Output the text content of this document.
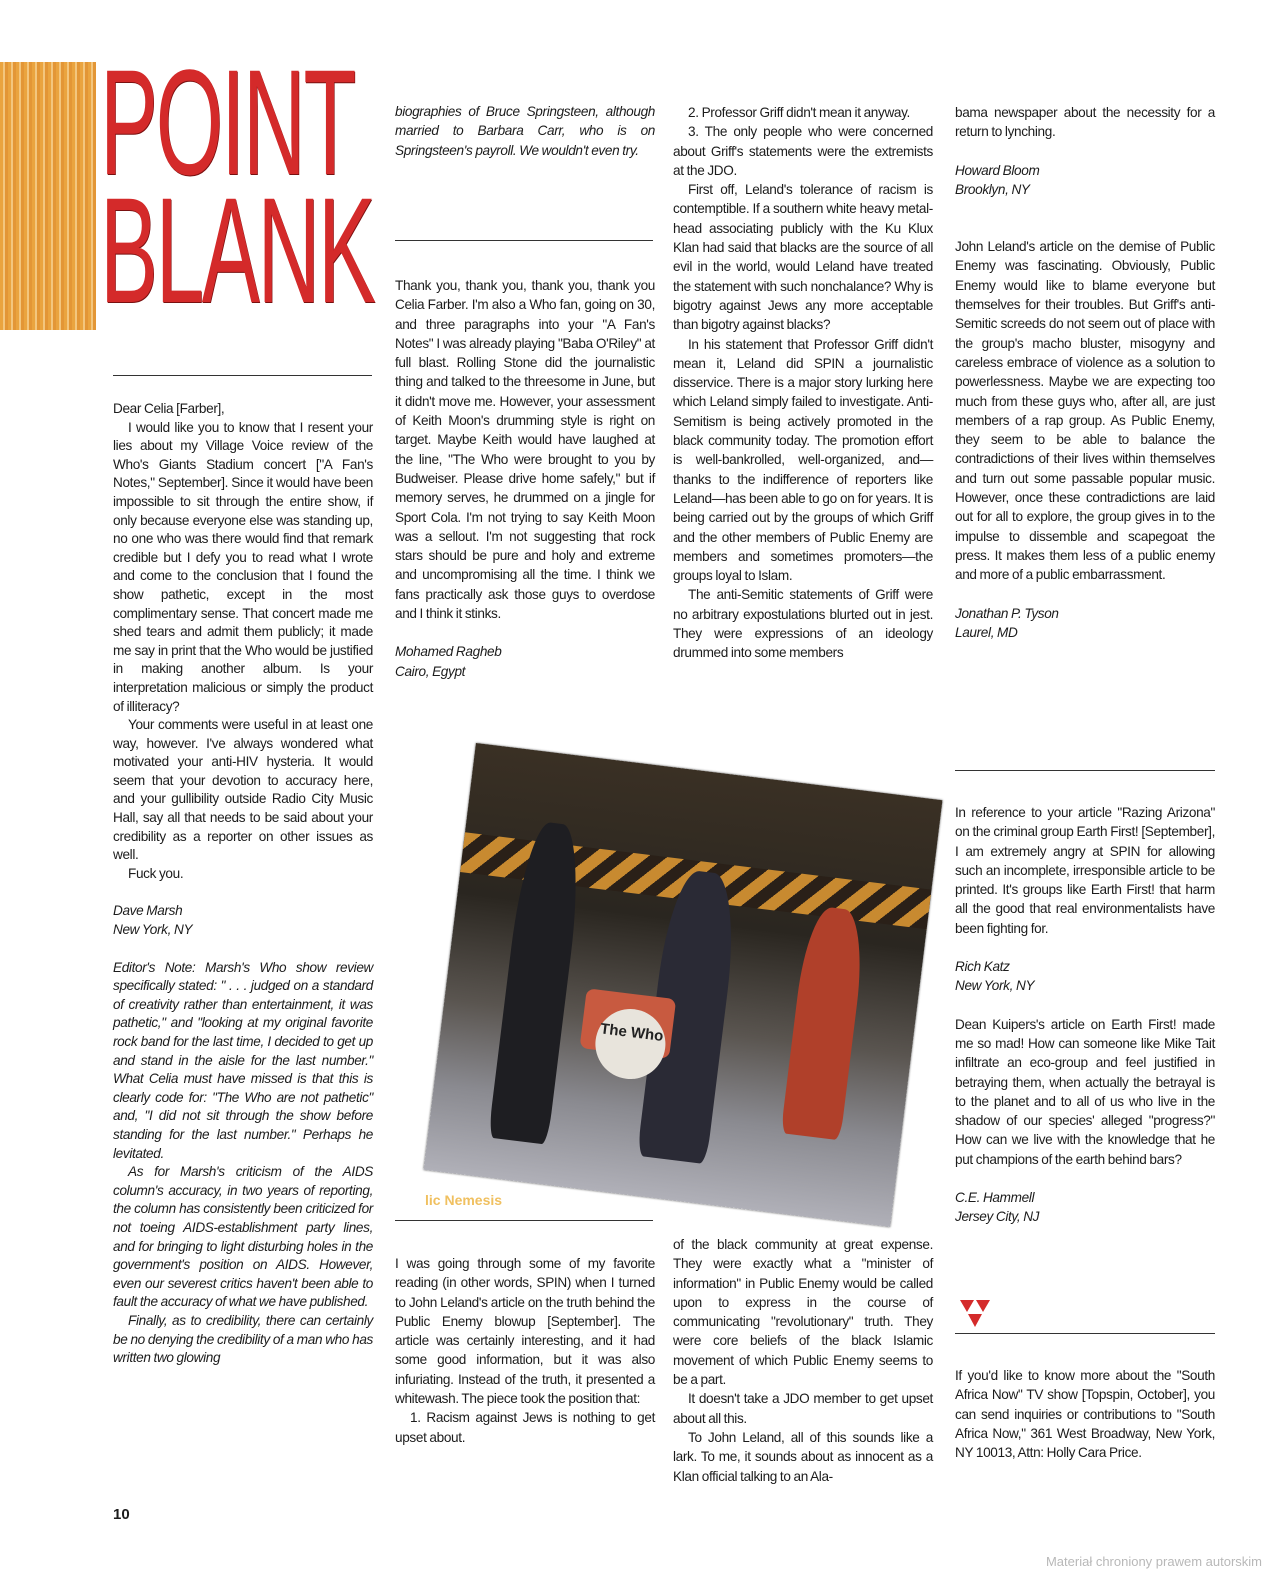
POINT
BLANK

Dear Celia [Farber],

I would like you to know that I resent your lies about my Village Voice review of the Who's Giants Stadium concert ["A Fan's Notes," September]. Since it would have been impossible to sit through the entire show, if only because everyone else was standing up, no one who was there would find that remark credible but I defy you to read what I wrote and come to the conclusion that I found the show pathetic, except in the most complimentary sense. That concert made me shed tears and admit them publicly; it made me say in print that the Who would be justified in making another album. Is your interpretation malicious or simply the product of illiteracy?

Your comments were useful in at least one way, however. I've always wondered what motivated your anti-HIV hysteria. It would seem that your devotion to accuracy here, and your gullibility outside Radio City Music Hall, say all that needs to be said about your credibility as a reporter on other issues as well.

Fuck you.

Dave Marsh

New York, NY

Editor's Note: Marsh's Who show review specifically stated: " . . . judged on a standard of creativity rather than entertainment, it was pathetic," and "looking at my original favorite rock band for the last time, I decided to get up and stand in the aisle for the last number." What Celia must have missed is that this is clearly code for: "The Who are not pathetic" and, "I did not sit through the show before standing for the last number." Perhaps he levitated.

As for Marsh's criticism of the AIDS column's accuracy, in two years of reporting, the column has consistently been criticized for not toeing AIDS-establishment party lines, and for bringing to light disturbing holes in the government's position on AIDS. However, even our severest critics haven't been able to fault the accuracy of what we have published.

Finally, as to credibility, there can certainly be no denying the credibility of a man who has written two glowing

biographies of Bruce Springsteen, although married to Barbara Carr, who is on Springsteen's payroll. We wouldn't even try.

Thank you, thank you, thank you, thank you Celia Farber. I'm also a Who fan, going on 30, and three paragraphs into your "A Fan's Notes" I was already playing "Baba O'Riley" at full blast. Rolling Stone did the journalistic thing and talked to the threesome in June, but it didn't move me. However, your assessment of Keith Moon's drumming style is right on target. Maybe Keith would have laughed at the line, "The Who were brought to you by Budweiser. Please drive home safely," but if memory serves, he drummed on a jingle for Sport Cola. I'm not trying to say Keith Moon was a sellout. I'm not suggesting that rock stars should be pure and holy and extreme and uncompromising all the time. I think we fans practically ask those guys to overdose and I think it stinks.

Mohamed Ragheb

Cairo, Egypt

2. Professor Griff didn't mean it anyway.

3. The only people who were concerned about Griff's statements were the extremists at the JDO.

First off, Leland's tolerance of racism is contemptible. If a southern white heavy metal-head associating publicly with the Ku Klux Klan had said that blacks are the source of all evil in the world, would Leland have treated the statement with such nonchalance? Why is bigotry against Jews any more acceptable than bigotry against blacks?

In his statement that Professor Griff didn't mean it, Leland did SPIN a journalistic disservice. There is a major story lurking here which Leland simply failed to investigate. Anti-Semitism is being actively promoted in the black community today. The promotion effort is well-bankrolled, well-organized, and—thanks to the indifference of reporters like Leland—has been able to go on for years. It is being carried out by the groups of which Griff and the other members of Public Enemy are members and sometimes promoters—the groups loyal to Islam.

The anti-Semitic statements of Griff were no arbitrary expostulations blurted out in jest. They were expressions of an ideology drummed into some members

The Who
lic Nemesis

I was going through some of my favorite reading (in other words, SPIN) when I turned to John Leland's article on the truth behind the Public Enemy blowup [September]. The article was certainly interesting, and it had some good information, but it was also infuriating. Instead of the truth, it presented a whitewash. The piece took the position that:

1. Racism against Jews is nothing to get upset about.

of the black community at great expense. They were exactly what a "minister of information" in Public Enemy would be called upon to express in the course of communicating "revolutionary" truth. They were core beliefs of the black Islamic movement of which Public Enemy seems to be a part.

It doesn't take a JDO member to get upset about all this.

To John Leland, all of this sounds like a lark. To me, it sounds about as innocent as a Klan official talking to an Ala-

bama newspaper about the necessity for a return to lynching.

Howard Bloom

Brooklyn, NY

John Leland's article on the demise of Public Enemy was fascinating. Obviously, Public Enemy would like to blame everyone but themselves for their troubles. But Griff's anti-Semitic screeds do not seem out of place with the group's macho bluster, misogyny and careless embrace of violence as a solution to powerlessness. Maybe we are expecting too much from these guys who, after all, are just members of a rap group. As Public Enemy, they seem to be able to balance the contradictions of their lives within themselves and turn out some passable popular music. However, once these contradictions are laid out for all to explore, the group gives in to the impulse to dissemble and scapegoat the press. It makes them less of a public enemy and more of a public embarrassment.

Jonathan P. Tyson

Laurel, MD

In reference to your article "Razing Arizona" on the criminal group Earth First! [September], I am extremely angry at SPIN for allowing such an incomplete, irresponsible article to be printed. It's groups like Earth First! that harm all the good that real environmentalists have been fighting for.

Rich Katz

New York, NY

Dean Kuipers's article on Earth First! made me so mad! How can someone like Mike Tait infiltrate an eco-group and feel justified in betraying them, when actually the betrayal is to the planet and to all of us who live in the shadow of our species' alleged "progress?" How can we live with the knowledge that he put champions of the earth behind bars?

C.E. Hammell

Jersey City, NJ

If you'd like to know more about the "South Africa Now" TV show [Topspin, October], you can send inquiries or contributions to "South Africa Now," 361 West Broadway, New York, NY 10013, Attn: Holly Cara Price.

10
Materiał chroniony prawem autorskim
